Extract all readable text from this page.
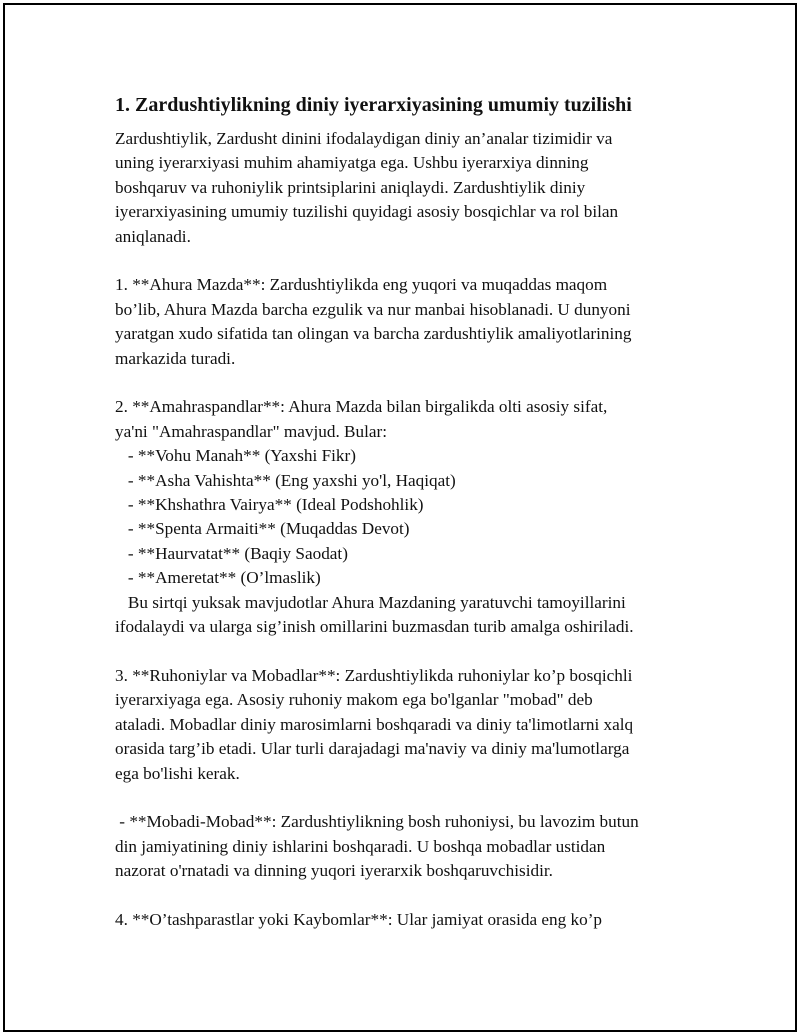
1. Zardushtiylikning diniy iyerarxiyasining umumiy tuzilishi
Zardushtiylik, Zardusht dinini ifodalaydigan diniy an’analar tizimidir va
uning iyerarxiyasi muhim ahamiyatga ega. Ushbu iyerarxiya dinning
boshqaruv va ruhoniylik printsiplarini aniqlaydi. Zardushtiylik diniy
iyerarxiyasining umumiy tuzilishi quyidagi asosiy bosqichlar va rol bilan
aniqlanadi.
1. **Ahura Mazda**: Zardushtiylikda eng yuqori va muqaddas maqom
bo’lib, Ahura Mazda barcha ezgulik va nur manbai hisoblanadi. U dunyoni
yaratgan xudo sifatida tan olingan va barcha zardushtiylik amaliyotlarining
markazida turadi.
2. **Amahraspandlar**: Ahura Mazda bilan birgalikda olti asosiy sifat,
ya'ni "Amahraspandlar" mavjud. Bular:
- **Vohu Manah** (Yaxshi Fikr)
- **Asha Vahishta** (Eng yaxshi yo'l, Haqiqat)
- **Khshathra Vairya** (Ideal Podshohlik)
- **Spenta Armaiti** (Muqaddas Devot)
- **Haurvatat** (Baqiy Saodat)
- **Ameretat** (O’lmaslik)
Bu sirtqi yuksak mavjudotlar Ahura Mazdaning yaratuvchi tamoyillarini
ifodalaydi va ularga sig’inish omillarini buzmasdan turib amalga oshiriladi.
3. **Ruhoniylar va Mobadlar**: Zardushtiylikda ruhoniylar ko’p bosqichli
iyerarxiyaga ega. Asosiy ruhoniy makom ega bo'lganlar "mobad" deb
ataladi. Mobadlar diniy marosimlarni boshqaradi va diniy ta'limotlarni xalq
orasida targ’ib etadi. Ular turli darajadagi ma'naviy va diniy ma'lumotlarga
ega bo'lishi kerak.
- **Mobadi-Mobad**: Zardushtiylikning bosh ruhoniysi, bu lavozim butun
din jamiyatining diniy ishlarini boshqaradi. U boshqa mobadlar ustidan
nazorat o'rnatadi va dinning yuqori iyerarxik boshqaruvchisidir.
4. **O’tashparastlar yoki Kaybomlar**: Ular jamiyat orasida eng ko’p
